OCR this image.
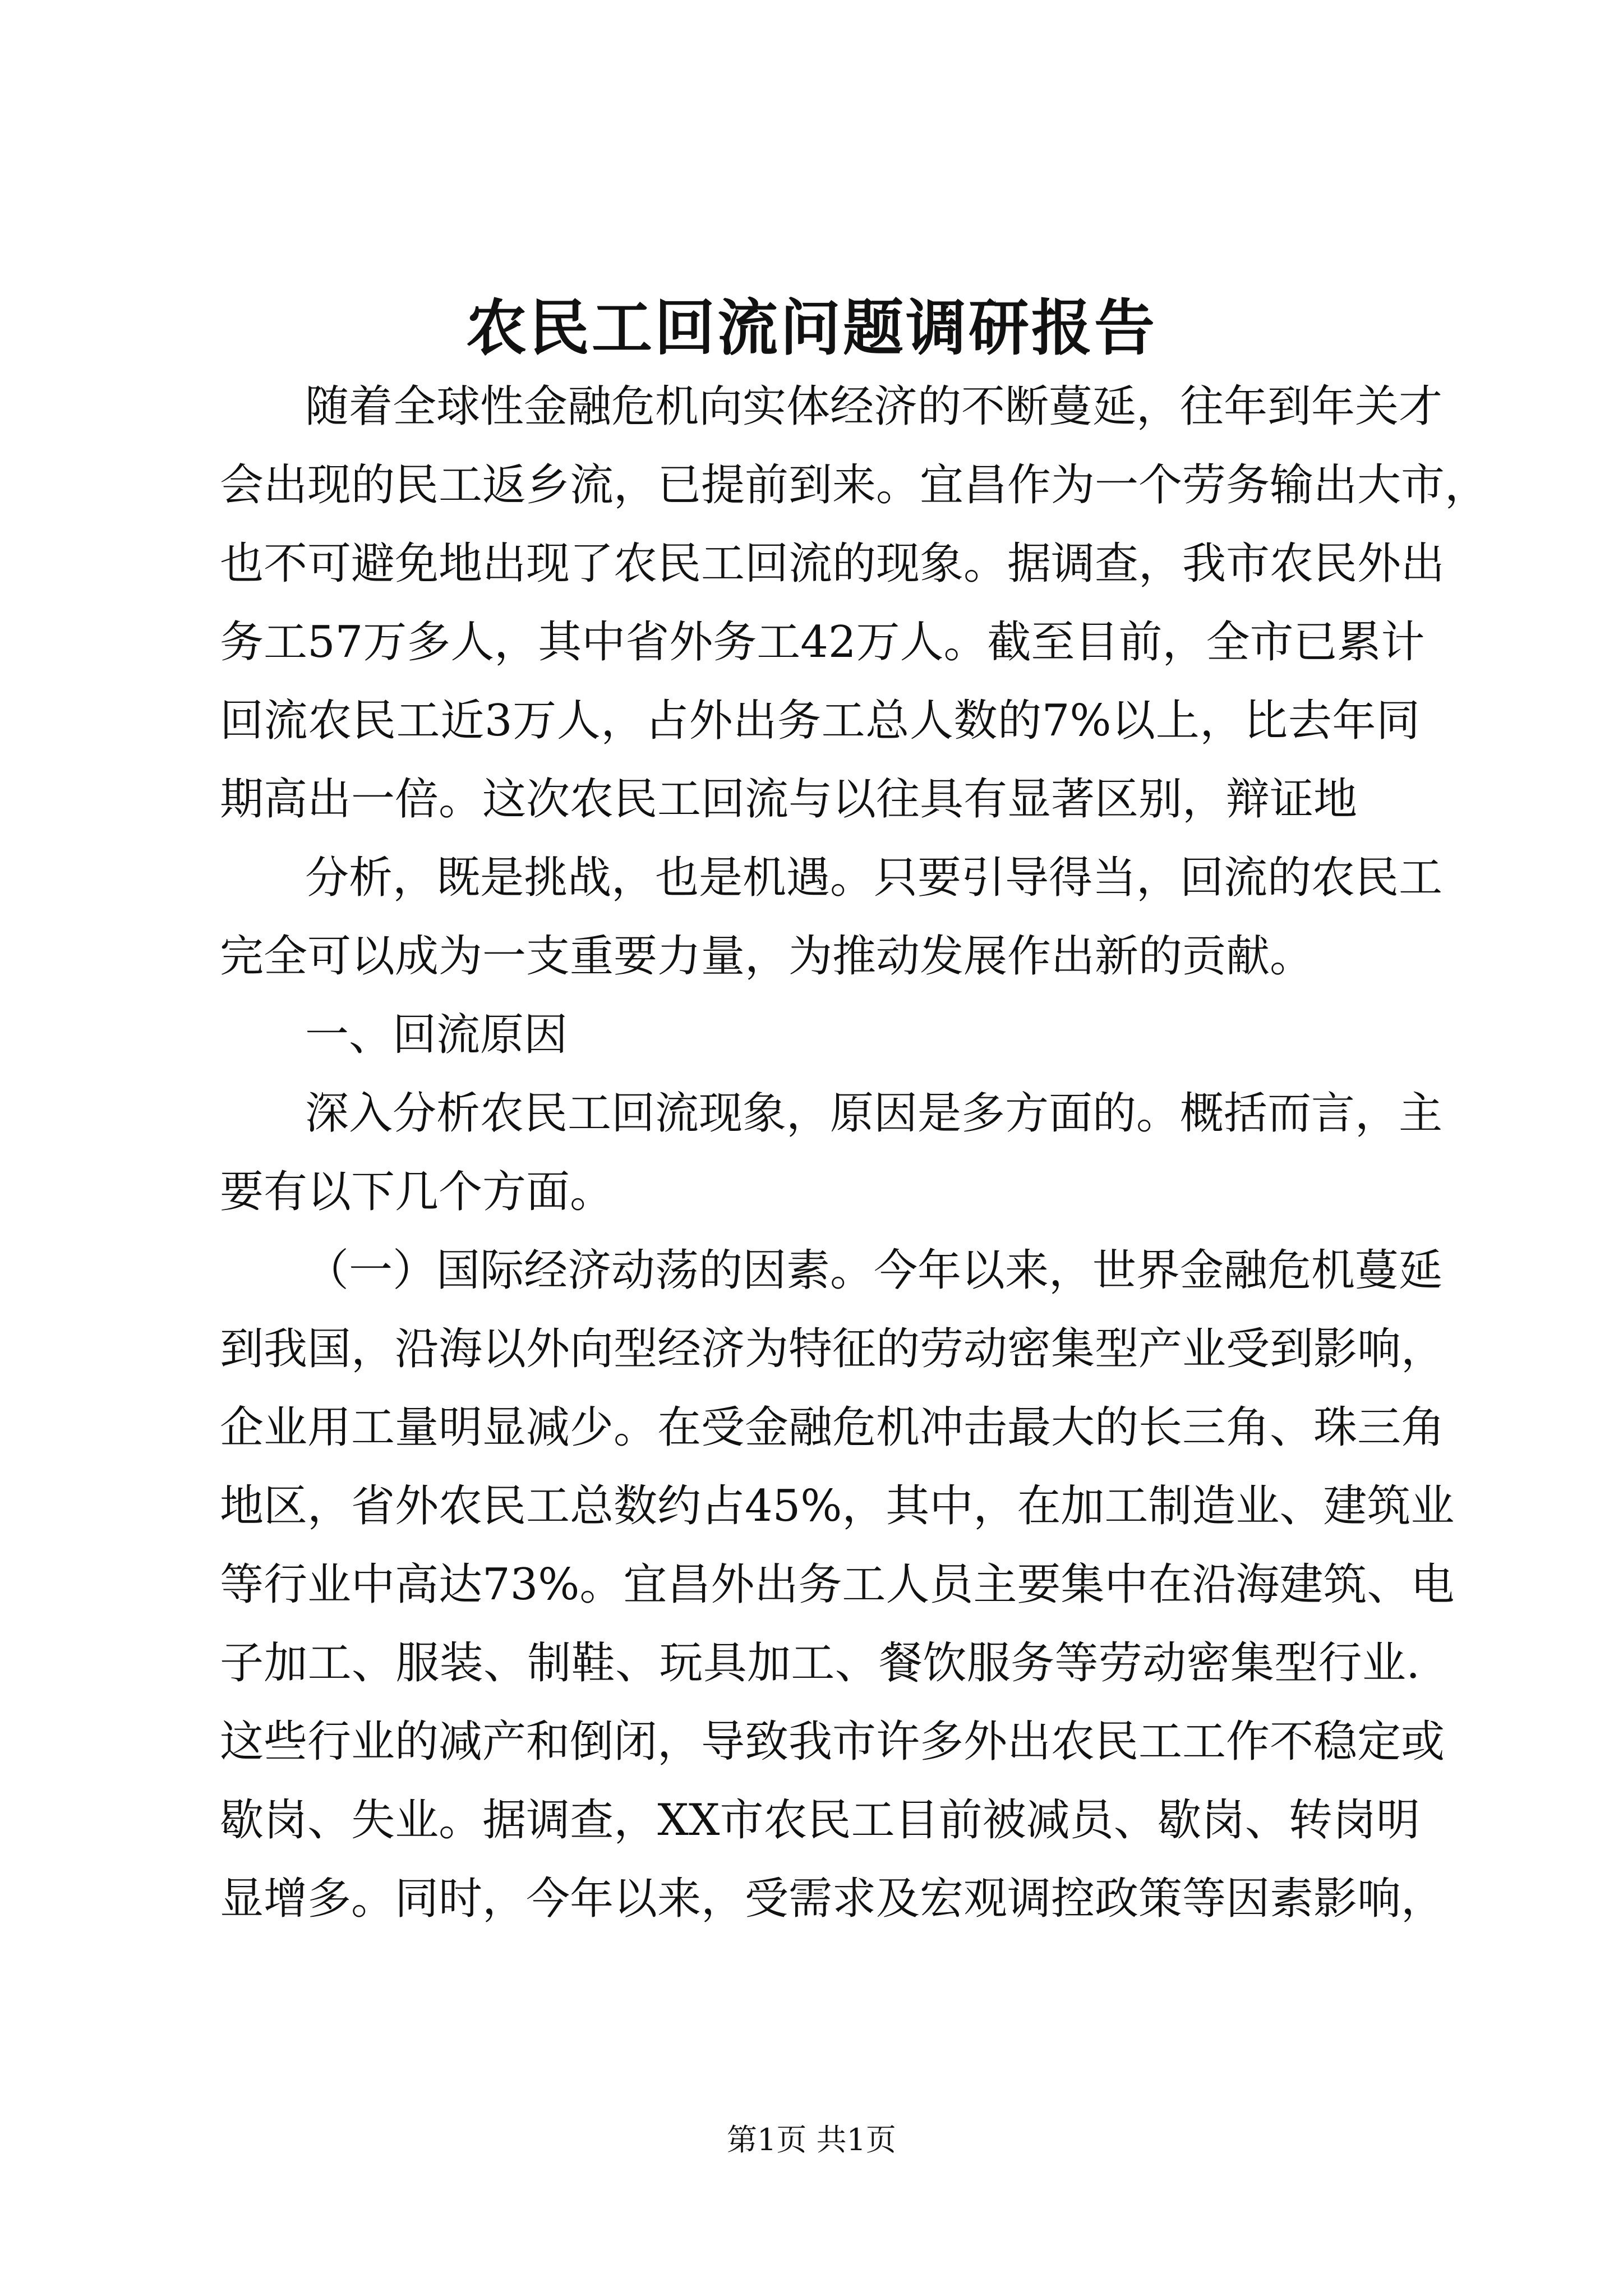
农民工回流问题调研报告
随着全球性金融危机向实体经济的不断蔓延，往年到年关才
会出现的民工返乡流，已提前到来。宜昌作为一个劳务输出大市，
也不可避免地出现了农民工回流的现象。据调查，我市农民外出
务工57万多人，其中省外务工42万人。截至目前，全市已累计
回流农民工近3万人，占外出务工总人数的7%以上，比去年同
期高出一倍。这次农民工回流与以往具有显著区别，辩证地
分析，既是挑战，也是机遇。只要引导得当，回流的农民工
完全可以成为一支重要力量，为推动发展作出新的贡献。
一、回流原因
深入分析农民工回流现象，原因是多方面的。概括而言，主
要有以下几个方面。
（一）国际经济动荡的因素。今年以来，世界金融危机蔓延
到我国，沿海以外向型经济为特征的劳动密集型产业受到影响，
企业用工量明显减少。在受金融危机冲击最大的长三角、珠三角
地区，省外农民工总数约占45%，其中，在加工制造业、建筑业
等行业中高达73%。宜昌外出务工人员主要集中在沿海建筑、电
子加工、服装、制鞋、玩具加工、餐饮服务等劳动密集型行业.
这些行业的减产和倒闭，导致我市许多外出农民工工作不稳定或
歇岗、失业。据调查，XX市农民工目前被减员、歇岗、转岗明
显增多。同时，今年以来，受需求及宏观调控政策等因素影响，
第1页 共1页
